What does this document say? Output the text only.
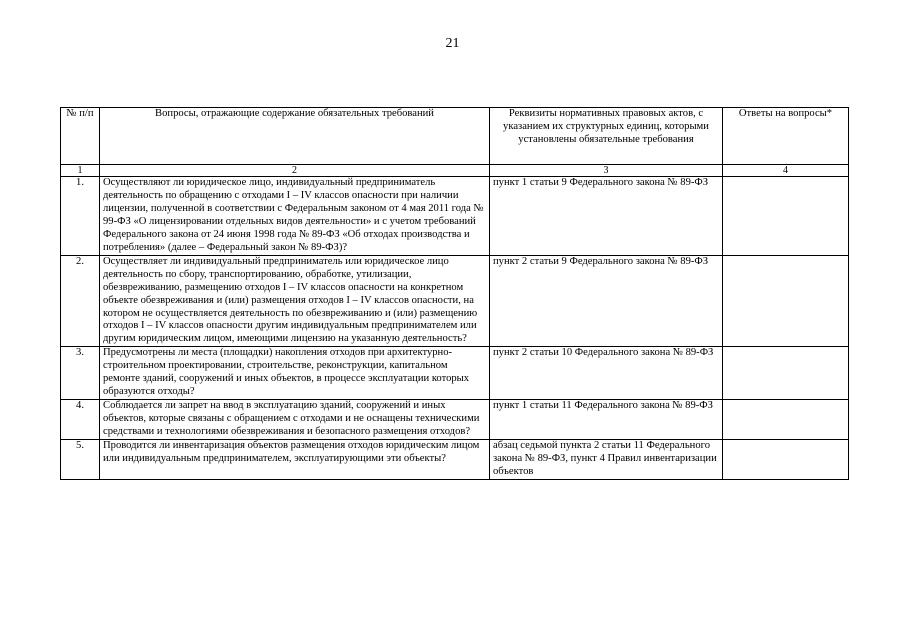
21
№ п/п	Вопросы, отражающие содержание обязательных требований	Реквизиты нормативных правовых актов, с указанием их структурных единиц, которыми установлены обязательные требования	Ответы на вопросы*
1	2	3	4
1.	Осуществляют ли юридическое лицо, индивидуальный предприниматель деятельность по обращению с отходами I – IV классов опасности при наличии лицензии, полученной в соответствии с Федеральным законом от 4 мая 2011 года № 99-ФЗ «О лицензировании отдельных видов деятельности» и с учетом требований Федерального закона от 24 июня 1998 года № 89-ФЗ «Об отходах производства и потребления» (далее – Федеральный закон № 89-ФЗ)?	пункт 1 статьи 9 Федерального закона № 89-ФЗ	
2.	Осуществляет ли индивидуальный предприниматель или юридическое лицо деятельность по сбору, транспортированию, обработке, утилизации, обезвреживанию, размещению отходов I – IV классов опасности на конкретном объекте обезвреживания и (или) размещения отходов I – IV классов опасности, на котором не осуществляется деятельность по обезвреживанию и (или) размещению отходов I – IV классов опасности другим индивидуальным предпринимателем или другим юридическим лицом, имеющими лицензию на указанную деятельность?	пункт 2 статьи 9 Федерального закона № 89-ФЗ	
3.	Предусмотрены ли места (площадки) накопления отходов при архитектурно-строительном проектировании, строительстве, реконструкции, капитальном ремонте зданий, сооружений и иных объектов, в процессе эксплуатации которых образуются отходы?	пункт 2 статьи 10 Федерального закона № 89-ФЗ	
4.	Соблюдается ли запрет на ввод в эксплуатацию зданий, сооружений и иных объектов, которые связаны с обращением с отходами и не оснащены техническими средствами и технологиями обезвреживания и безопасного размещения отходов?	пункт 1 статьи 11 Федерального закона № 89-ФЗ	
5.	Проводится ли инвентаризация объектов размещения отходов юридическим лицом или индивидуальным предпринимателем, эксплуатирующими эти объекты?	абзац седьмой пункта 2 статьи 11 Федерального закона № 89-ФЗ, пункт 4 Правил инвентаризации объектов	
